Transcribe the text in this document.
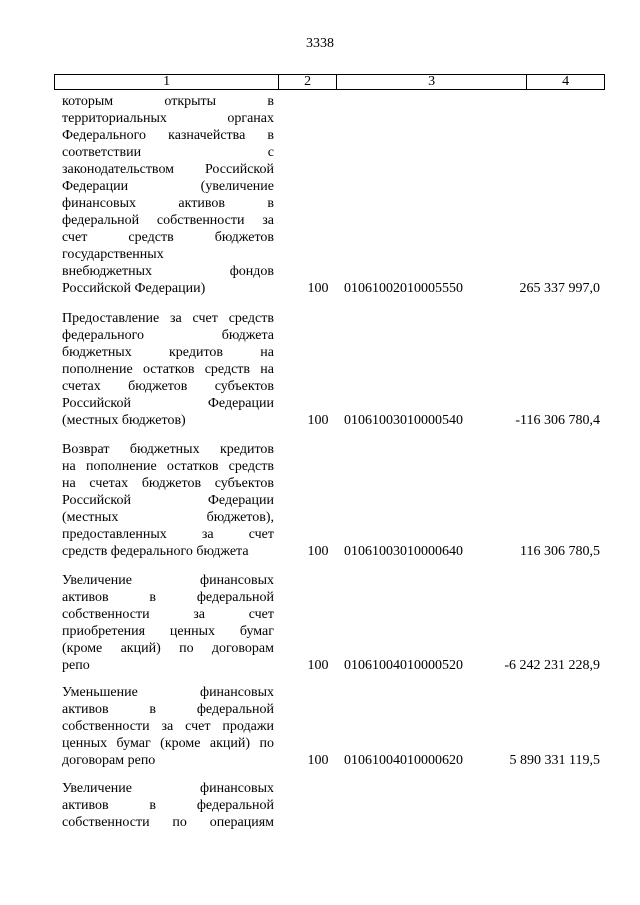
3338
1	2	3	4
которым открыты в
территориальных органах
Федерального казначейства в
соответствии с
законодательством Российской
Федерации (увеличение
финансовых активов в
федеральной собственности за
счет средств бюджетов
государственных
внебюджетных фондов
Российской Федерации)	100	01061002010005550	265 337 997,0
Предоставление за счет средств
федерального бюджета
бюджетных кредитов на
пополнение остатков средств на
счетах бюджетов субъектов
Российской Федерации
(местных бюджетов)	100	01061003010000540	-116 306 780,4
Возврат бюджетных кредитов
на пополнение остатков средств
на счетах бюджетов субъектов
Российской Федерации
(местных бюджетов),
предоставленных за счет
средств федерального бюджета	100	01061003010000640	116 306 780,5
Увеличение финансовых
активов в федеральной
собственности за счет
приобретения ценных бумаг
(кроме акций) по договорам
репо	100	01061004010000520	-6 242 231 228,9
Уменьшение финансовых
активов в федеральной
собственности за счет продажи
ценных бумаг (кроме акций) по
договорам репо	100	01061004010000620	5 890 331 119,5
Увеличение финансовых
активов в федеральной
собственности по операциям
